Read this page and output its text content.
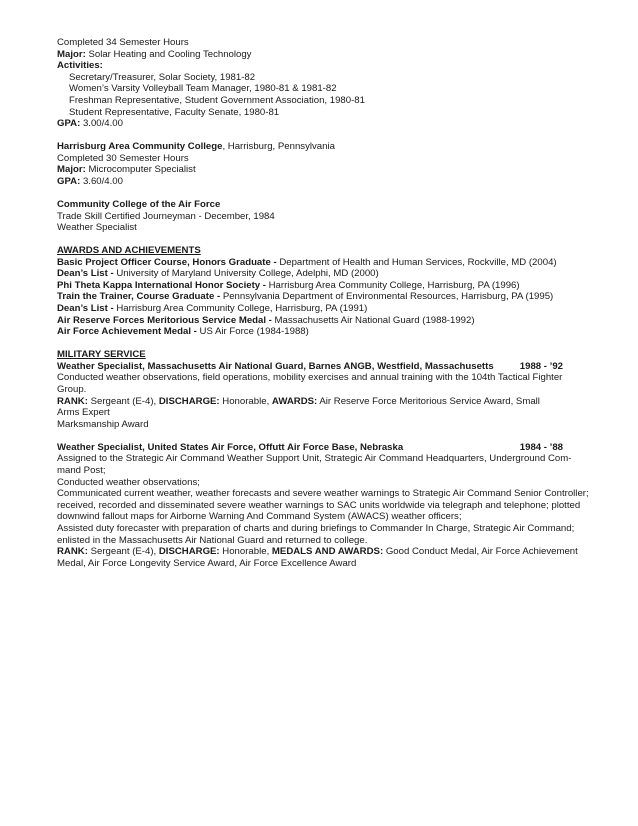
Completed 34 Semester Hours
Major: Solar Heating and Cooling Technology
Activities:
Secretary/Treasurer, Solar Society, 1981-82
Women’s Varsity Volleyball Team Manager, 1980-81 & 1981-82
Freshman Representative, Student Government Association, 1980-81
Student Representative, Faculty Senate, 1980-81
GPA: 3.00/4.00
Harrisburg Area Community College, Harrisburg, Pennsylvania
Completed 30 Semester Hours
Major: Microcomputer Specialist
GPA: 3.60/4.00
Community College of the Air Force
Trade Skill Certified Journeyman - December, 1984
Weather Specialist
AWARDS AND ACHIEVEMENTS
Basic Project Officer Course, Honors Graduate - Department of Health and Human Services, Rockville, MD (2004)
Dean’s List - University of Maryland University College, Adelphi, MD (2000)
Phi Theta Kappa International Honor Society - Harrisburg Area Community College, Harrisburg, PA (1996)
Train the Trainer, Course Graduate - Pennsylvania Department of Environmental Resources, Harrisburg, PA (1995)
Dean’s List - Harrisburg Area Community College, Harrisburg, PA (1991)
Air Reserve Forces Meritorious Service Medal - Massachusetts Air National Guard (1988-1992)
Air Force Achievement Medal - US Air Force (1984-1988)
MILITARY SERVICE
Weather Specialist, Massachusetts Air National Guard, Barnes ANGB, Westfield, Massachusetts	1988 - ’92
Conducted weather observations, field operations, mobility exercises and annual training with the 104th Tactical Fighter
Group.
RANK: Sergeant (E-4), DISCHARGE: Honorable, AWARDS: Air Reserve Force Meritorious Service Award, Small Arms Expert
Marksmanship Award
Weather Specialist, United States Air Force, Offutt Air Force Base, Nebraska	1984 - ’88
Assigned to the Strategic Air Command Weather Support Unit, Strategic Air Command Headquarters, Underground Com-
mand Post;
Conducted weather observations;
Communicated current weather, weather forecasts and severe weather warnings to Strategic Air Command Senior Controller;
received, recorded and disseminated severe weather warnings to SAC units worldwide via telegraph and telephone; plotted
downwind fallout maps for Airborne Warning And Command System (AWACS) weather officers;
Assisted duty forecaster with preparation of charts and during briefings to Commander In Charge, Strategic Air Command;
enlisted in the Massachusetts Air National Guard and returned to college.
RANK: Sergeant (E-4), DISCHARGE: Honorable, MEDALS AND AWARDS: Good Conduct Medal, Air Force Achievement
Medal, Air Force Longevity Service Award, Air Force Excellence Award
